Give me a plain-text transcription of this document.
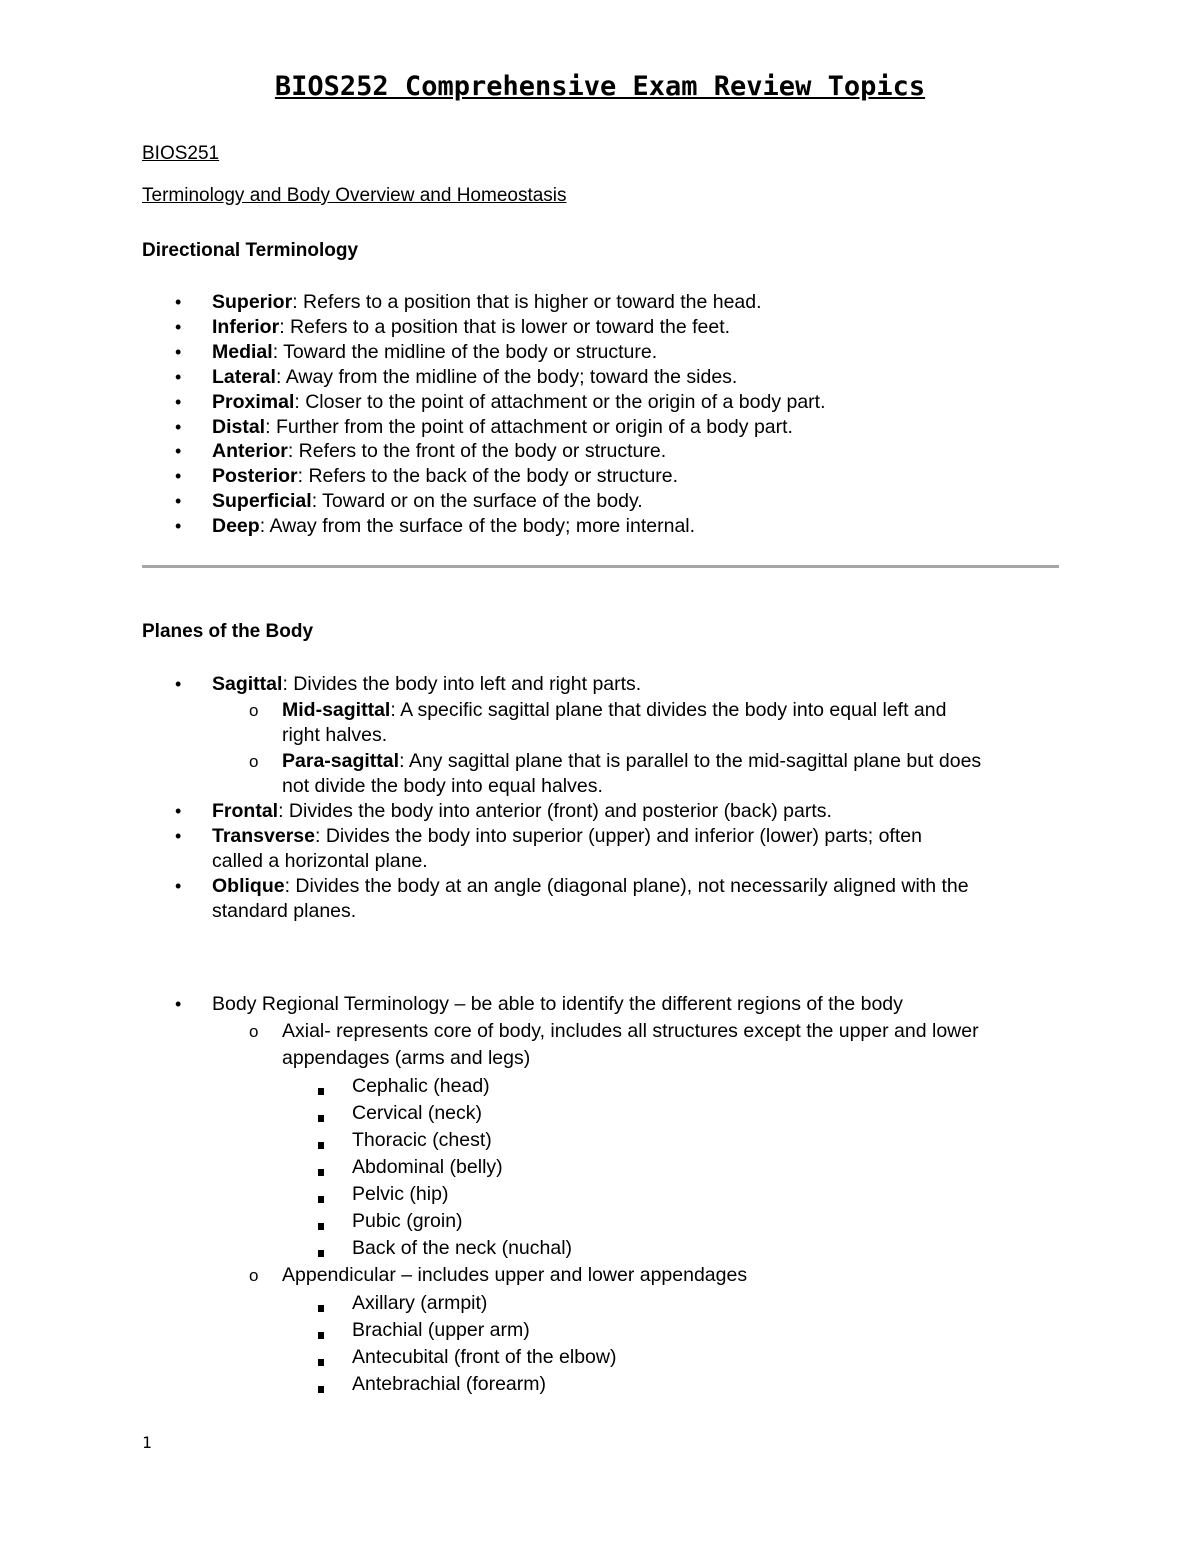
BIOS252 Comprehensive Exam Review Topics
BIOS251
Terminology and Body Overview and Homeostasis
Directional Terminology
• Superior: Refers to a position that is higher or toward the head.
• Inferior: Refers to a position that is lower or toward the feet.
• Medial: Toward the midline of the body or structure.
• Lateral: Away from the midline of the body; toward the sides.
• Proximal: Closer to the point of attachment or the origin of a body part.
• Distal: Further from the point of attachment or origin of a body part.
• Anterior: Refers to the front of the body or structure.
• Posterior: Refers to the back of the body or structure.
• Superficial: Toward or on the surface of the body.
• Deep: Away from the surface of the body; more internal.
Planes of the Body
• Sagittal: Divides the body into left and right parts.
o Mid-sagittal: A specific sagittal plane that divides the body into equal left and
right halves.
o Para-sagittal: Any sagittal plane that is parallel to the mid-sagittal plane but does
not divide the body into equal halves.
• Frontal: Divides the body into anterior (front) and posterior (back) parts.
• Transverse: Divides the body into superior (upper) and inferior (lower) parts; often
called a horizontal plane.
• Oblique: Divides the body at an angle (diagonal plane), not necessarily aligned with the
standard planes.
• Body Regional Terminology – be able to identify the different regions of the body
o Axial- represents core of body, includes all structures except the upper and lower
appendages (arms and legs)
Cephalic (head)
Cervical (neck)
Thoracic (chest)
Abdominal (belly)
Pelvic (hip)
Pubic (groin)
Back of the neck (nuchal)
o Appendicular – includes upper and lower appendages
Axillary (armpit)
Brachial (upper arm)
Antecubital (front of the elbow)
Antebrachial (forearm)
1
